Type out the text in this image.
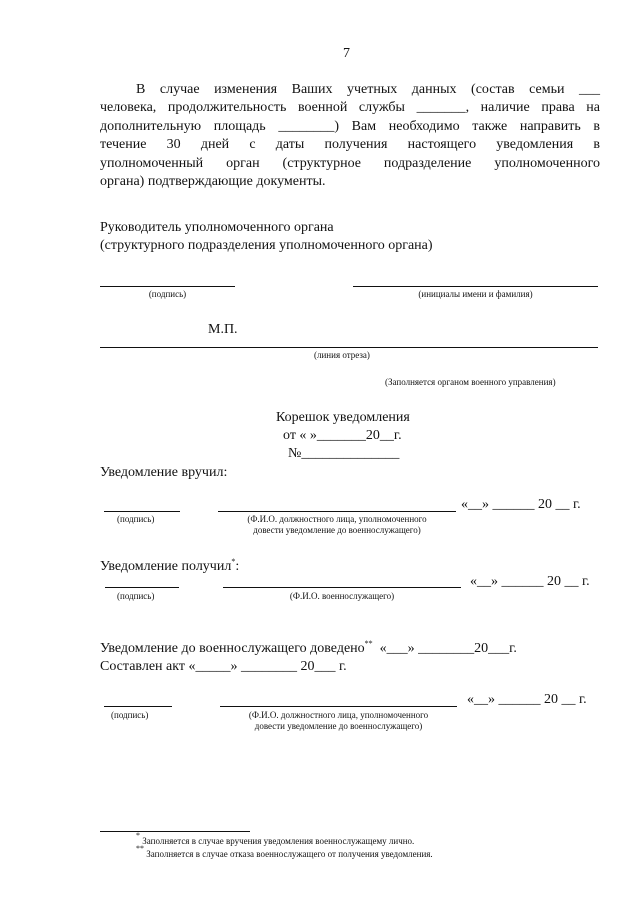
7
В случае изменения Ваших учетных данных (состав семьи ___
человека, продолжительность военной службы _______, наличие права на
дополнительную площадь ________) Вам необходимо также направить в
течение 30 дней с даты получения настоящего уведомления в
уполномоченный орган (структурное подразделение уполномоченного
органа) подтверждающие документы.
Руководитель уполномоченного органа
(структурного подразделения уполномоченного органа)
(подпись)	(инициалы имени и фамилия)
М.П.
(линия отреза)
(Заполняется органом военного управления)
Корешок уведомления
от « »_______20__г.
№______________
Уведомление вручил:
«__» ______ 20 __ г.
(подпись)	(Ф.И.О. должностного лица, уполномоченного
довести уведомление до военнослужащего)
Уведомление получил*:
«__» ______ 20 __ г.
(подпись)	(Ф.И.О. военнослужащего)
Уведомление до военнослужащего доведено** «___» ________20___г.
Составлен акт «_____» ________ 20___ г.
«__» ______ 20 __ г.
(подпись)	(Ф.И.О. должностного лица, уполномоченного
довести уведомление до военнослужащего)
* Заполняется в случае вручения уведомления военнослужащему лично.
** Заполняется в случае отказа военнослужащего от получения уведомления.
